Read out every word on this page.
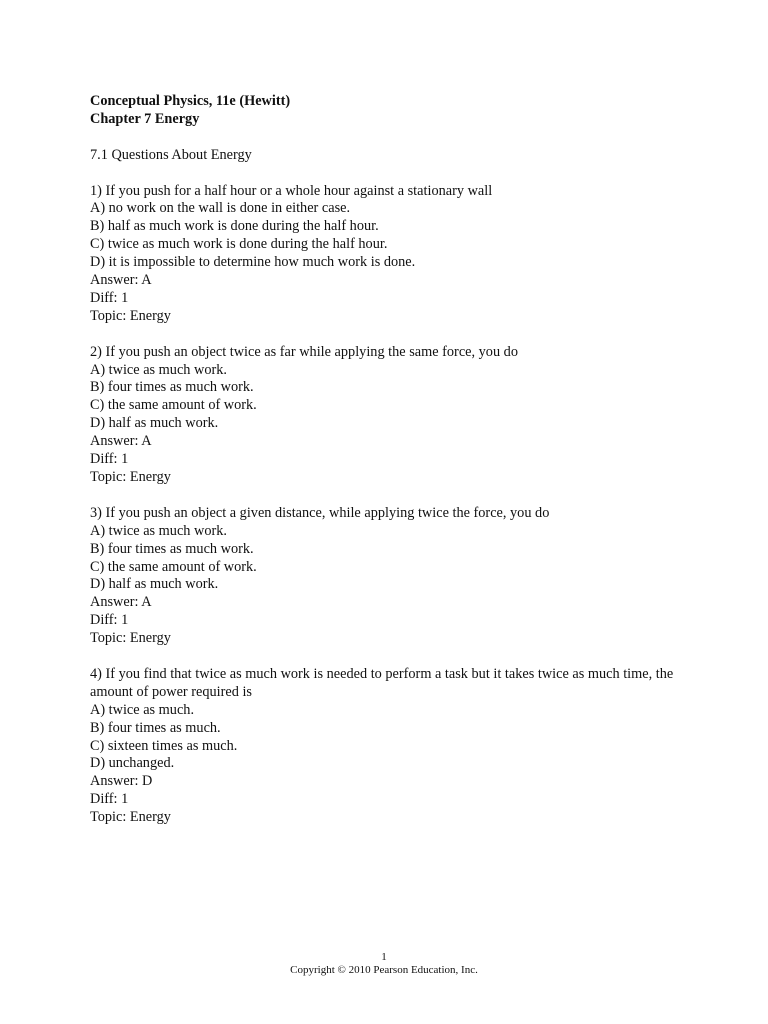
Conceptual Physics, 11e (Hewitt)
Chapter 7 Energy
7.1 Questions About Energy
1) If you push for a half hour or a whole hour against a stationary wall
A) no work on the wall is done in either case.
B) half as much work is done during the half hour.
C) twice as much work is done during the half hour.
D) it is impossible to determine how much work is done.
Answer: A
Diff: 1
Topic: Energy
2) If you push an object twice as far while applying the same force, you do
A) twice as much work.
B) four times as much work.
C) the same amount of work.
D) half as much work.
Answer: A
Diff: 1
Topic: Energy
3) If you push an object a given distance, while applying twice the force, you do
A) twice as much work.
B) four times as much work.
C) the same amount of work.
D) half as much work.
Answer: A
Diff: 1
Topic: Energy
4) If you find that twice as much work is needed to perform a task but it takes twice as much time, the amount of power required is
A) twice as much.
B) four times as much.
C) sixteen times as much.
D) unchanged.
Answer: D
Diff: 1
Topic: Energy
1
Copyright © 2010 Pearson Education, Inc.
